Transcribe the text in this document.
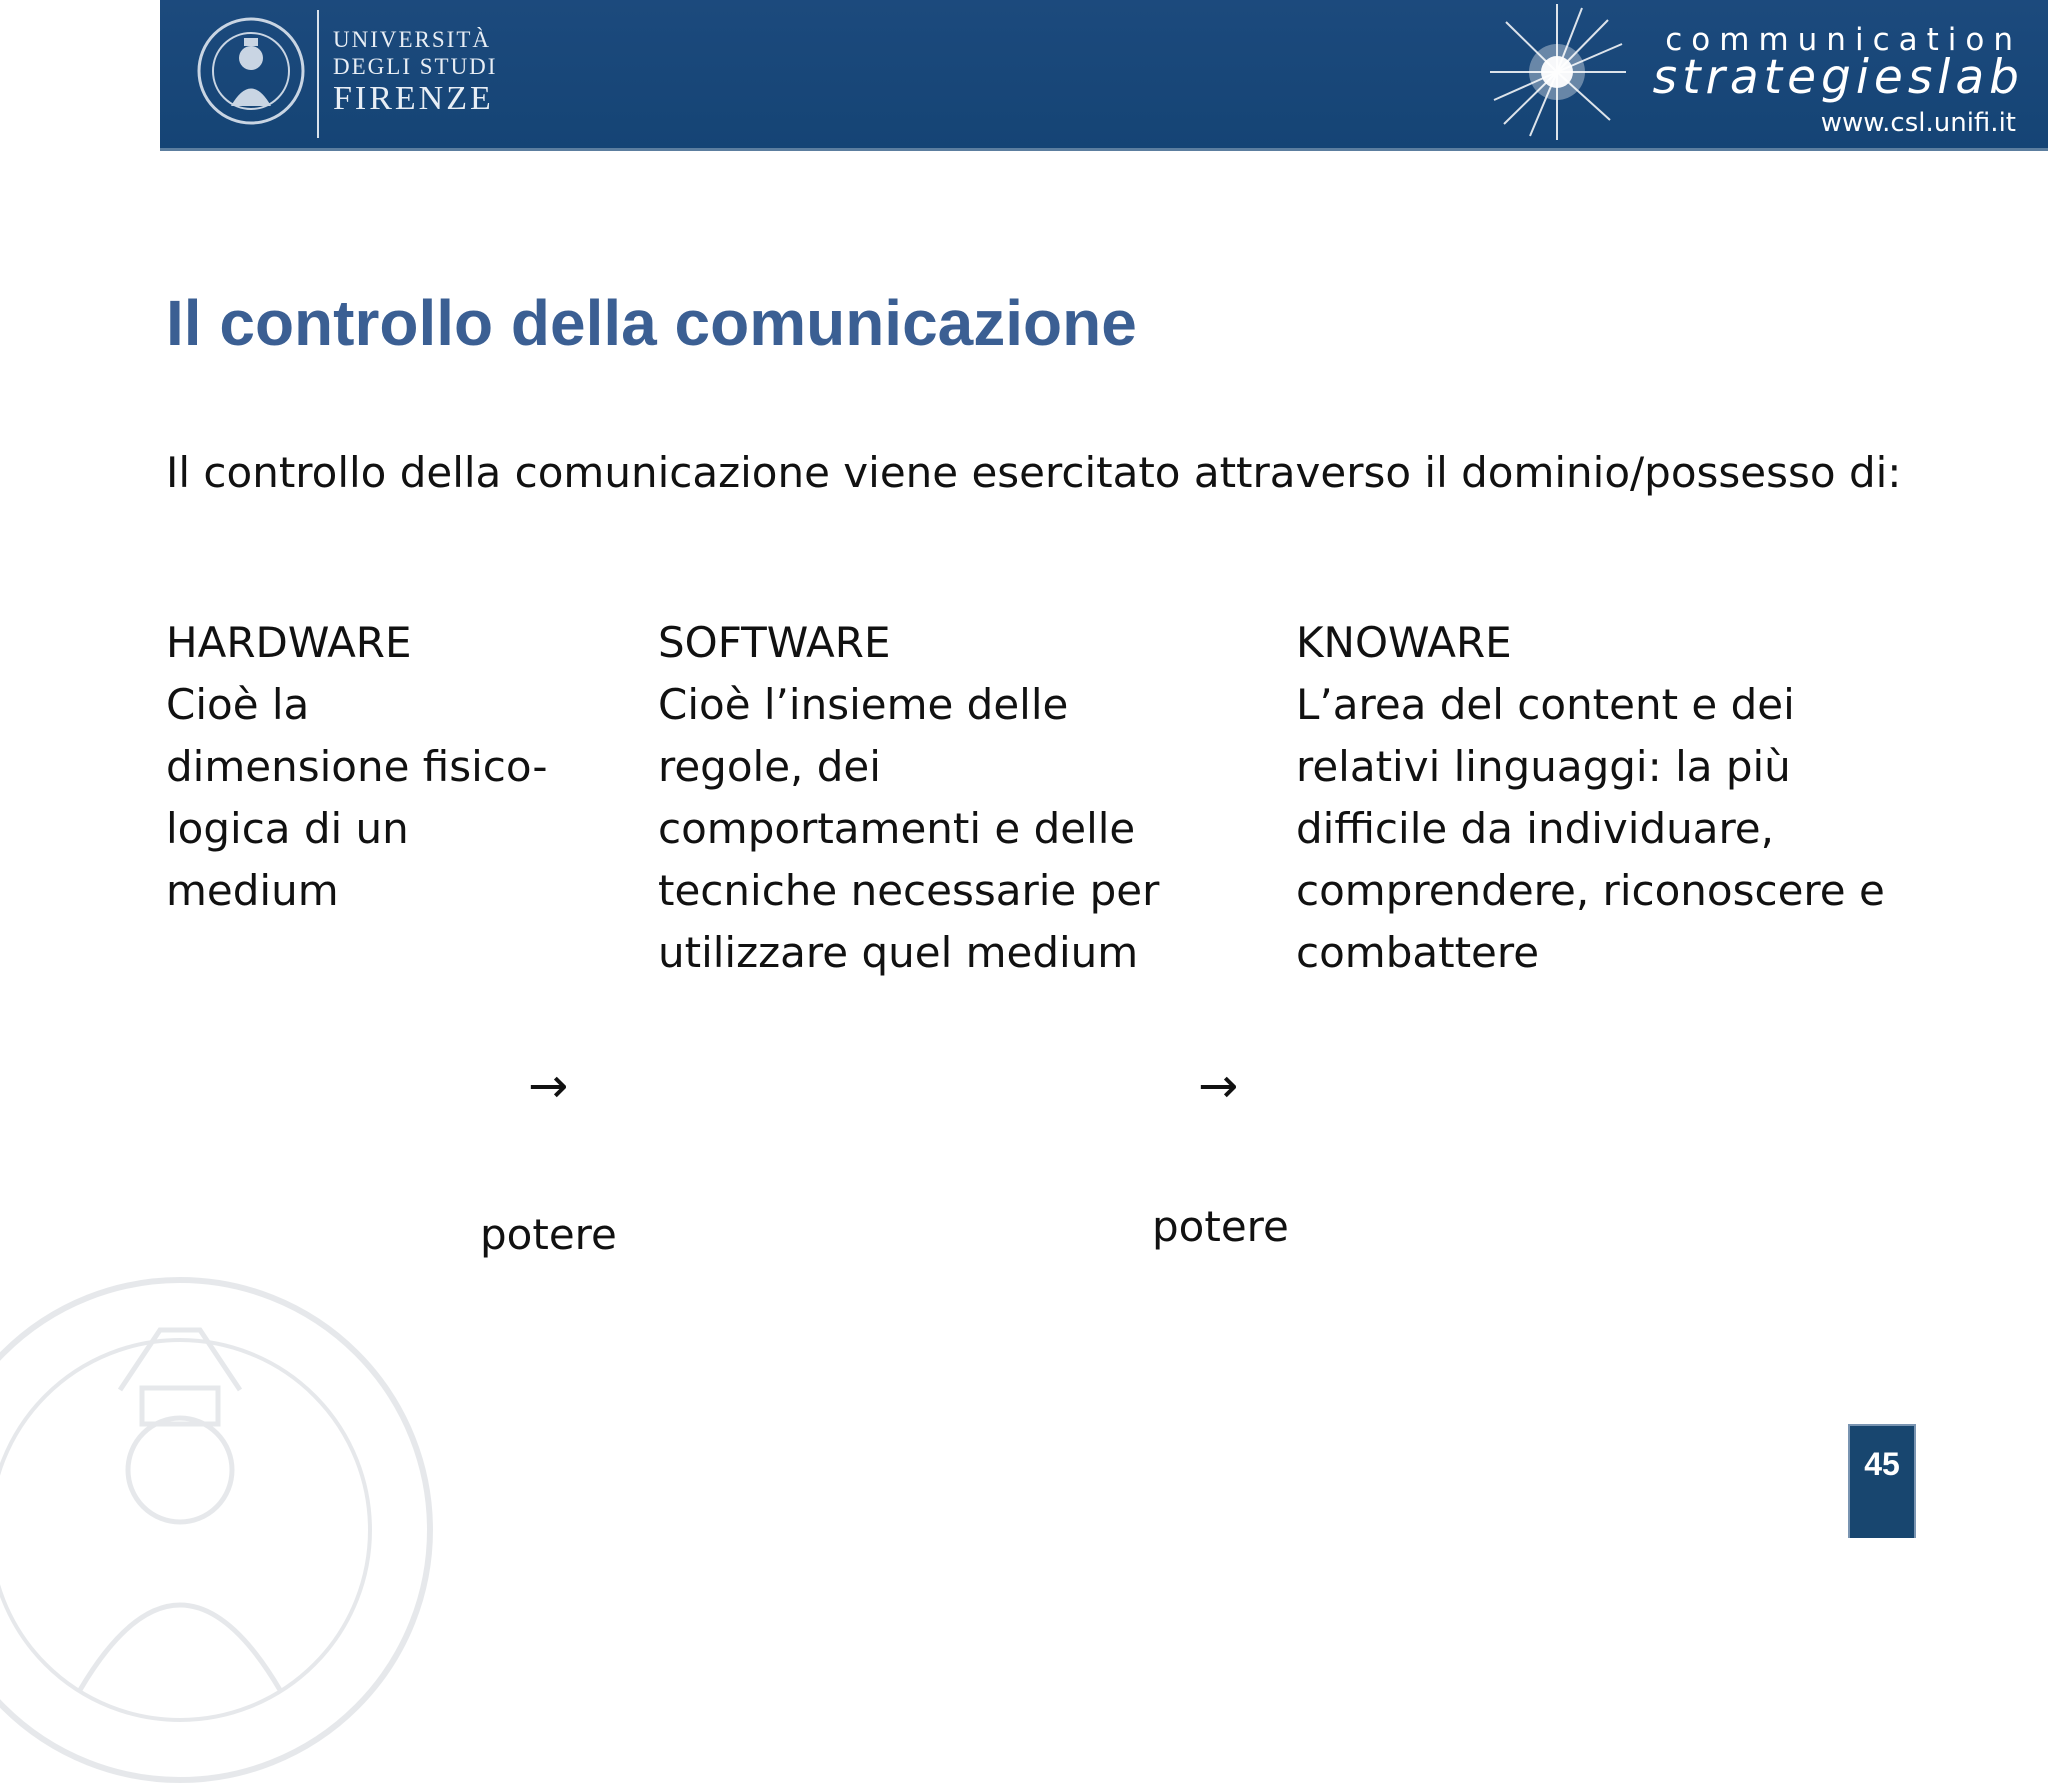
UNIVERSITÀ
DEGLI STUDI
FIRENZE
communication
strategieslab
www.csl.unifi.it
Il controllo della comunicazione
Il controllo della comunicazione viene esercitato attraverso il dominio/possesso di:
HARDWARE
Cioè la dimensione fisico-logica di un medium
SOFTWARE
Cioè l’insieme delle regole, dei comportamenti e delle tecniche necessarie per utilizzare quel medium
KNOWARE
L’area del content e dei relativi linguaggi: la più difficile da individuare, comprendere, riconoscere e combattere
→	→
potere	potere
45
